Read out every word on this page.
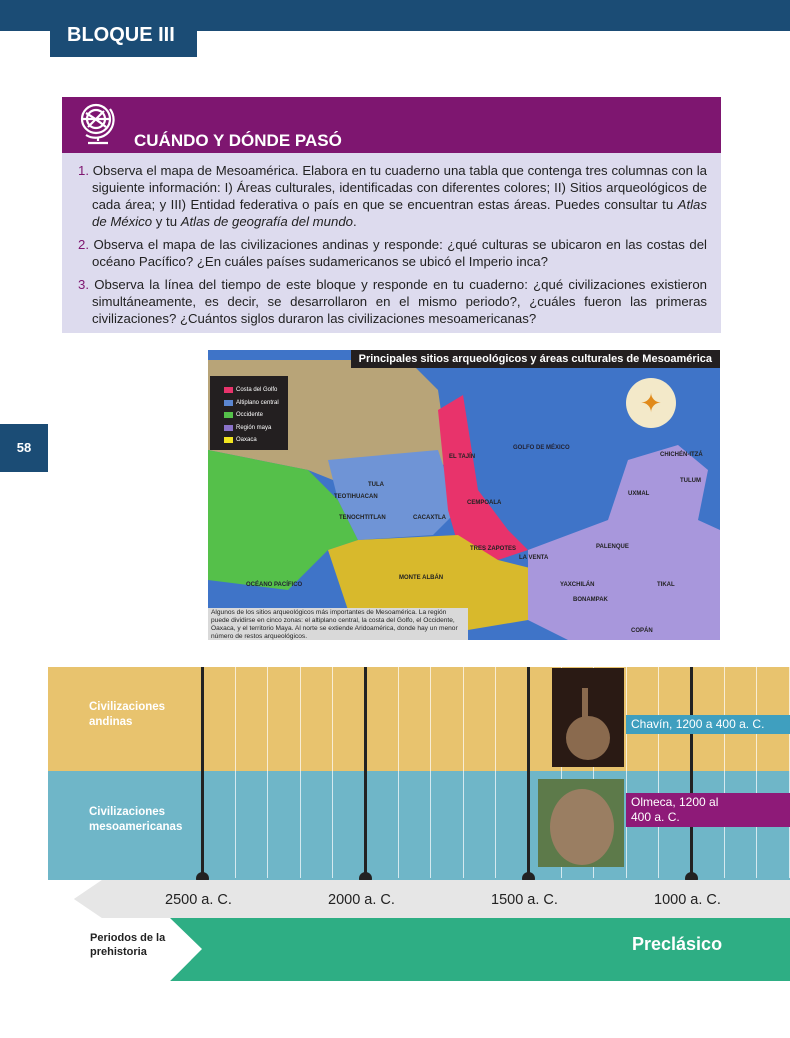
BLOQUE III
58
CUÁNDO Y DÓNDE PASÓ
1. Observa el mapa de Mesoamérica. Elabora en tu cuaderno una tabla que contenga tres columnas con la siguiente información: I) Áreas culturales, identificadas con diferentes colores; II) Sitios arqueológicos de cada área; y III) Entidad federativa o país en que se encuentran estas áreas. Puedes consultar tu Atlas de México y tu Atlas de geografía del mundo.
2. Observa el mapa de las civilizaciones andinas y responde: ¿qué culturas se ubicaron en las costas del océano Pacífico? ¿En cuáles países sudamericanos se ubicó el Imperio inca?
3. Observa la línea del tiempo de este bloque y responde en tu cuaderno: ¿qué civilizaciones existieron simultáneamente, es decir, se desarrollaron en el mismo periodo?, ¿cuáles fueron las primeras civilizaciones? ¿Cuántos siglos duraron las civilizaciones mesoamericanas?
Principales sitios arqueológicos y áreas culturales de Mesoamérica
Costa del Golfo
Altiplano central
Occidente
Región maya
Oaxaca
✦
EL TAJÍN
GOLFO DE MÉXICO
CHICHÉN-ITZÁ
TULUM
UXMAL
TULA
TEOTIHUACAN
TENOCHTITLAN	CACAXTLA
CEMPOALA
TRES ZAPOTES
LA VENTA
PALENQUE
MONTE ALBÁN
YAXCHILÁN
BONAMPAK
TIKAL
COPÁN
OCÉANO PACÍFICO
Algunos de los sitios arqueológicos más importantes de Mesoamérica. La región puede dividirse en cinco zonas: el altiplano central, la costa del Golfo, el Occidente, Oaxaca, y el territorio Maya. Al norte se extiende Aridoamérica, donde hay un menor número de restos arqueológicos.
Civilizaciones andinas
Civilizaciones mesoamericanas
2500 a. C.	2000 a. C.	1500 a. C.	1000 a. C.
Periodos de la prehistoria	Preclásico
Chavín, 1200 a 400 a. C.
Olmeca, 1200 al 400 a. C.
